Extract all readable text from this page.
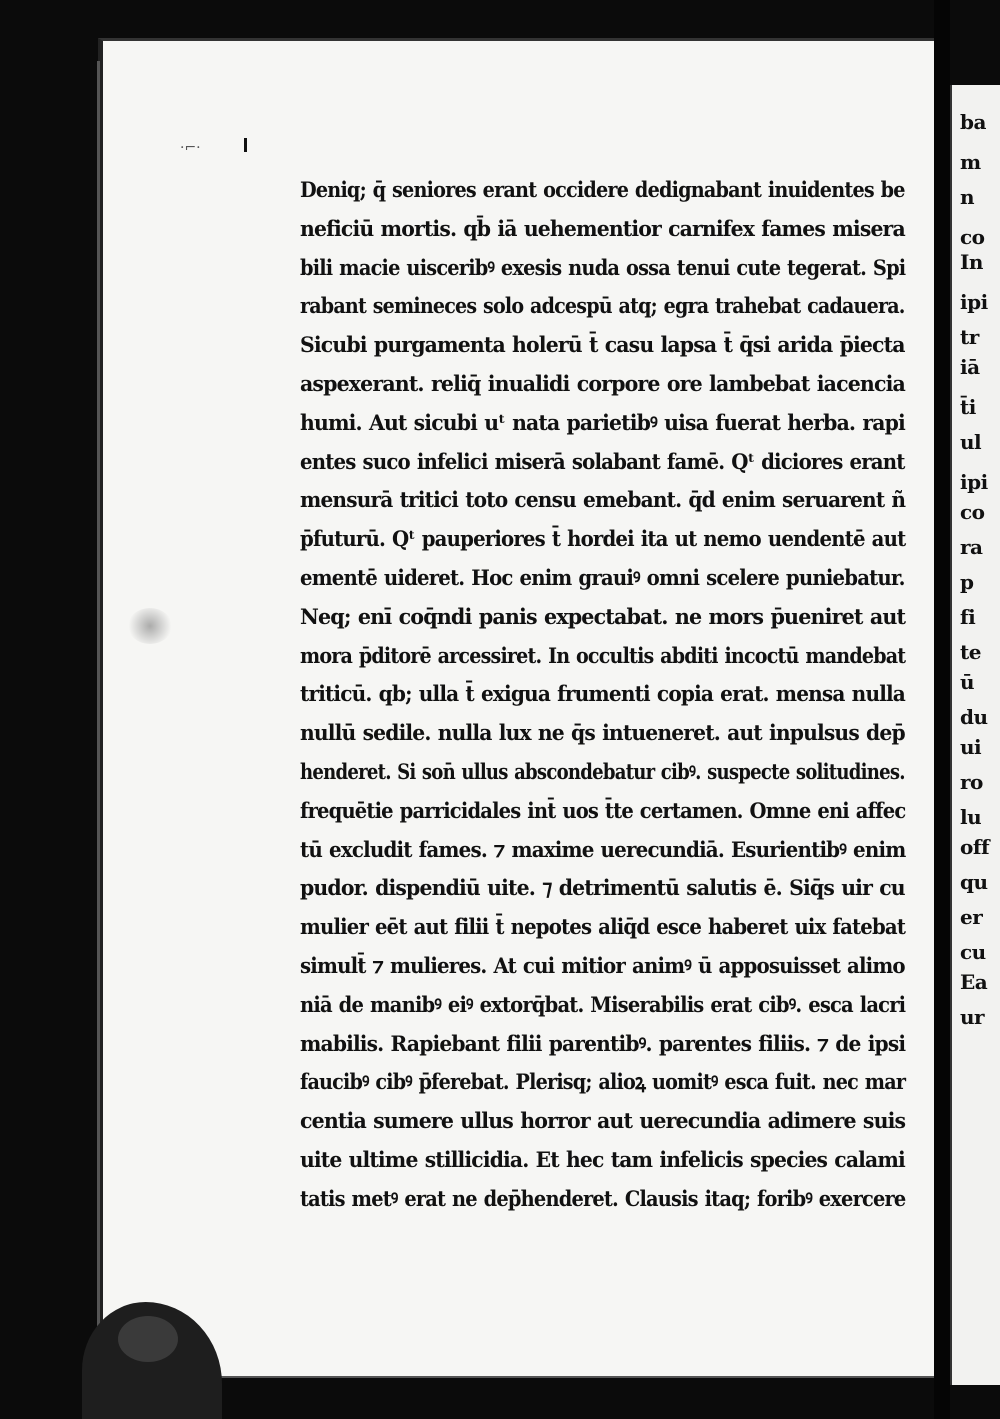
ba
m
n
co
In
ipi
tr
iā
t̄i
ul
ipi
co
ra
p
fi
te
ū
du
ui
ro
lu
off
qu
er
cu
Ea
ur
·⌐·
Deniq; q̄ seniores erant occidere dedignabant inuidentes be
neficiū mortis. qb̄ iā uehementior carnifex fames misera
bili macie uisceribꝰ exesis nuda ossa tenui cute tegerat. Spi
rabant semineces solo adcespū atq; egra trahebat cadauera.
Sicubi purgamenta holerū t̄ casu lapsa t̄ q̄si arida p̄iecta
aspexerant. reliq̄ inualidi corpore ore lambebat iacencia
humi. Aut sicubi uᵗ nata parietibꝰ uisa fuerat herba. rapi
entes suco infelici miserā solabant famē. Qᵗ diciores erant
mensurā tritici toto censu emebant. q̄d enim seruarent ñ
p̄futurū. Qᵗ pauperiores t̄ hordei ita ut nemo uendentē aut
ementē uideret. Hoc enim grauiꝰ omni scelere puniebatur.
Neq; enī coq̄ndi panis expectabat. ne mors p̄ueniret aut
mora p̄ditorē arcessiret. In occultis abditi incoctū mandebat
triticū. qb; ulla t̄ exigua frumenti copia erat. mensa nulla
nullū sedile. nulla lux ne q̄s intueneret. aut inpulsus dep̄
henderet. Si son̄ ullus abscondebatur cibꝰ. suspecte solitudines.
frequētie parricidales int̄ uos t̄te certamen. Omne eni affec
tū excludit fames. ⁊ maxime uerecundiā. Esurientibꝰ enim
pudor. dispendiū uite. ⁊ detrimentū salutis ē. Siq̄s uir cu
mulier eēt aut filii t̄ nepotes aliq̄d esce haberet uix fatebat
simult̄ ⁊ mulieres. At cui mitior animꝰ ū apposuisset alimo
niā de manibꝰ eiꝰ extorq̄bat. Miserabilis erat cibꝰ. esca lacri
mabilis. Rapiebant filii parentibꝰ. parentes filiis. ⁊ de ipsi
faucibꝰ cibꝰ p̄ferebat. Plerisq; alioꝝ uomitꝰ esca fuit. nec mar
centia sumere ullus horror aut uerecundia adimere suis
uite ultime stillicidia. Et hec tam infelicis species calami
tatis metꝰ erat ne dep̄henderet. Clausis itaq; foribꝰ exercere
